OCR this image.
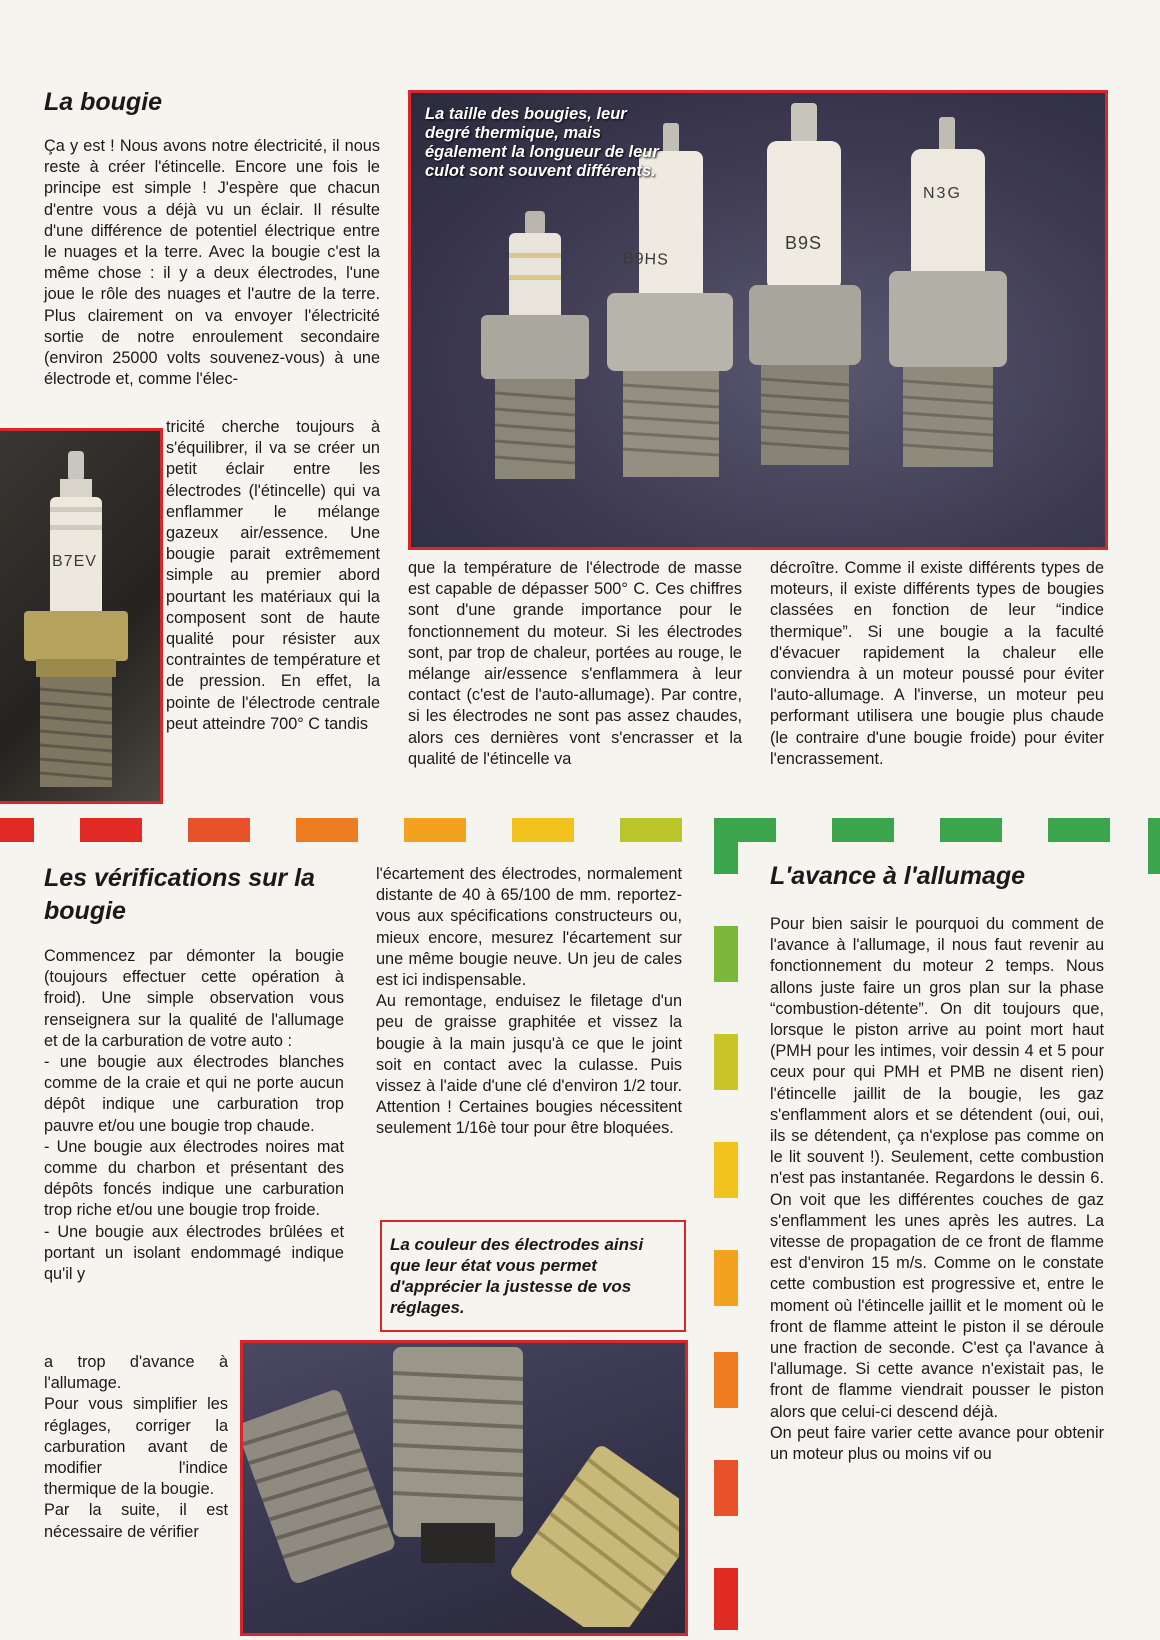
La bougie
Ça y est ! Nous avons notre électricité, il nous reste à créer l'étincelle. Encore une fois le principe est simple ! J'espère que chacun d'entre vous a déjà vu un éclair. Il résulte d'une différence de potentiel électrique entre le nuages et la terre. Avec la bougie c'est la même chose : il y a deux électrodes, l'une joue le rôle des nuages et l'autre de la terre. Plus clairement on va envoyer l'électricité sortie de notre enroulement secondaire (environ 25000 volts souvenez-vous) à une électrode et, comme l'élec-
B7EV
tricité cherche toujours à s'équilibrer, il va se créer un petit éclair entre les électrodes (l'étincelle) qui va enflammer le mélange gazeux air/essence. Une bougie parait extrêmement simple au premier abord pourtant les matériaux qui la composent sont de haute qualité pour résister aux contraintes de température et de pression. En effet, la pointe de l'électrode centrale peut atteindre 700° C tandis
La taille des bougies, leur degré thermique, mais également la longueur de leur culot sont souvent différents.
B9HS
B9S
N3G
que la température de l'électrode de masse est capable de dépasser 500° C. Ces chiffres sont d'une grande importance pour le fonctionnement du moteur. Si les électrodes sont, par trop de chaleur, portées au rouge, le mélange air/essence s'enflammera à leur contact (c'est de l'auto-allumage). Par contre, si les électrodes ne sont pas assez chaudes, alors ces dernières vont s'encrasser et la qualité de l'étincelle va
décroître. Comme il existe différents types de moteurs, il existe différents types de bougies classées en fonction de leur “indice thermique”. Si une bougie a la faculté d'évacuer rapidement la chaleur elle conviendra à un moteur poussé pour éviter l'auto-allumage. A l'inverse, un moteur peu performant utilisera une bougie plus chaude (le contraire d'une bougie froide) pour éviter l'encrassement.
Les vérifications sur la bougie

Commencez par démonter la bougie (toujours effectuer cette opération à froid). Une simple observation vous renseignera sur la qualité de l'allumage et de la carburation de votre auto :

- une bougie aux électrodes blanches comme de la craie et qui ne porte aucun dépôt indique une carburation trop pauvre et/ou une bougie trop chaude.

- Une bougie aux électrodes noires mat comme du charbon et présentant des dépôts foncés indique une carburation trop riche et/ou une bougie trop froide.

- Une bougie aux électrodes brûlées et portant un isolant endommagé indique qu'il y

a trop d'avance à l'allumage.

Pour vous simplifier les réglages, corriger la carburation avant de modifier l'indice thermique de la bougie.

Par la suite, il est nécessaire de vérifier

l'écartement des électrodes, normalement distante de 40 à 65/100 de mm. reportez-vous aux spécifications constructeurs ou, mieux encore, mesurez l'écartement sur une même bougie neuve. Un jeu de cales est ici indispensable.

Au remontage, enduisez le filetage d'un peu de graisse graphitée et vissez la bougie à la main jusqu'à ce que le joint soit en contact avec la culasse. Puis vissez à l'aide d'une clé d'environ 1/2 tour. Attention ! Certaines bougies nécessitent seulement 1/16è tour pour être bloquées.

La couleur des électrodes ainsi que leur état vous permet d'apprécier la justesse de vos réglages.
L'avance à l'allumage

Pour bien saisir le pourquoi du comment de l'avance à l'allumage, il nous faut revenir au fonctionnement du moteur 2 temps. Nous allons juste faire un gros plan sur la phase “combustion-détente”. On dit toujours que, lorsque le piston arrive au point mort haut (PMH pour les intimes, voir dessin 4 et 5 pour ceux pour qui PMH et PMB ne disent rien) l'étincelle jaillit de la bougie, les gaz s'enflamment alors et se détendent (oui, oui, ils se détendent, ça n'explose pas comme on le lit souvent !). Seulement, cette combustion n'est pas instantanée. Regardons le dessin 6. On voit que les différentes couches de gaz s'enflamment les unes après les autres. La vitesse de propagation de ce front de flamme est d'environ 15 m/s. Comme on le constate cette combustion est progressive et, entre le moment où l'étincelle jaillit et le moment où le front de flamme atteint le piston il se déroule une fraction de seconde. C'est ça l'avance à l'allumage. Si cette avance n'existait pas, le front de flamme viendrait pousser le piston alors que celui-ci descend déjà.

On peut faire varier cette avance pour obtenir un moteur plus ou moins vif ou
